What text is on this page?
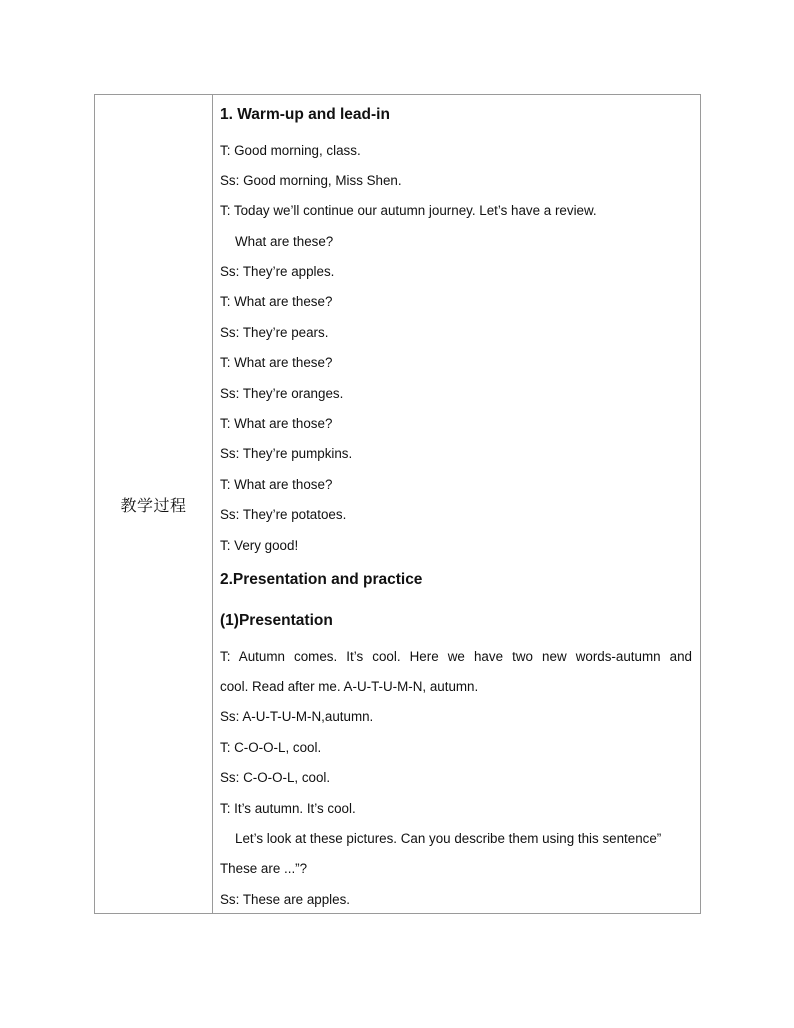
教学过程
1. Warm-up and lead-in
T: Good morning, class.
Ss: Good morning, Miss Shen.
T: Today we’ll continue our autumn journey. Let’s have a review.
What are these?
Ss: They’re apples.
T: What are these?
Ss: They’re pears.
T: What are these?
Ss: They’re oranges.
T: What are those?
Ss: They’re pumpkins.
T: What are those?
Ss: They’re potatoes.
T: Very good!
2.Presentation and practice
(1)Presentation
T: Autumn comes. It’s cool. Here we have two new words-autumn and
cool. Read after me. A-U-T-U-M-N, autumn.
Ss: A-U-T-U-M-N,autumn.
T: C-O-O-L, cool.
Ss: C-O-O-L, cool.
T: It’s autumn. It’s cool.
Let’s look at these pictures. Can you describe them using this sentence”
These are ...”?
Ss: These are apples.
